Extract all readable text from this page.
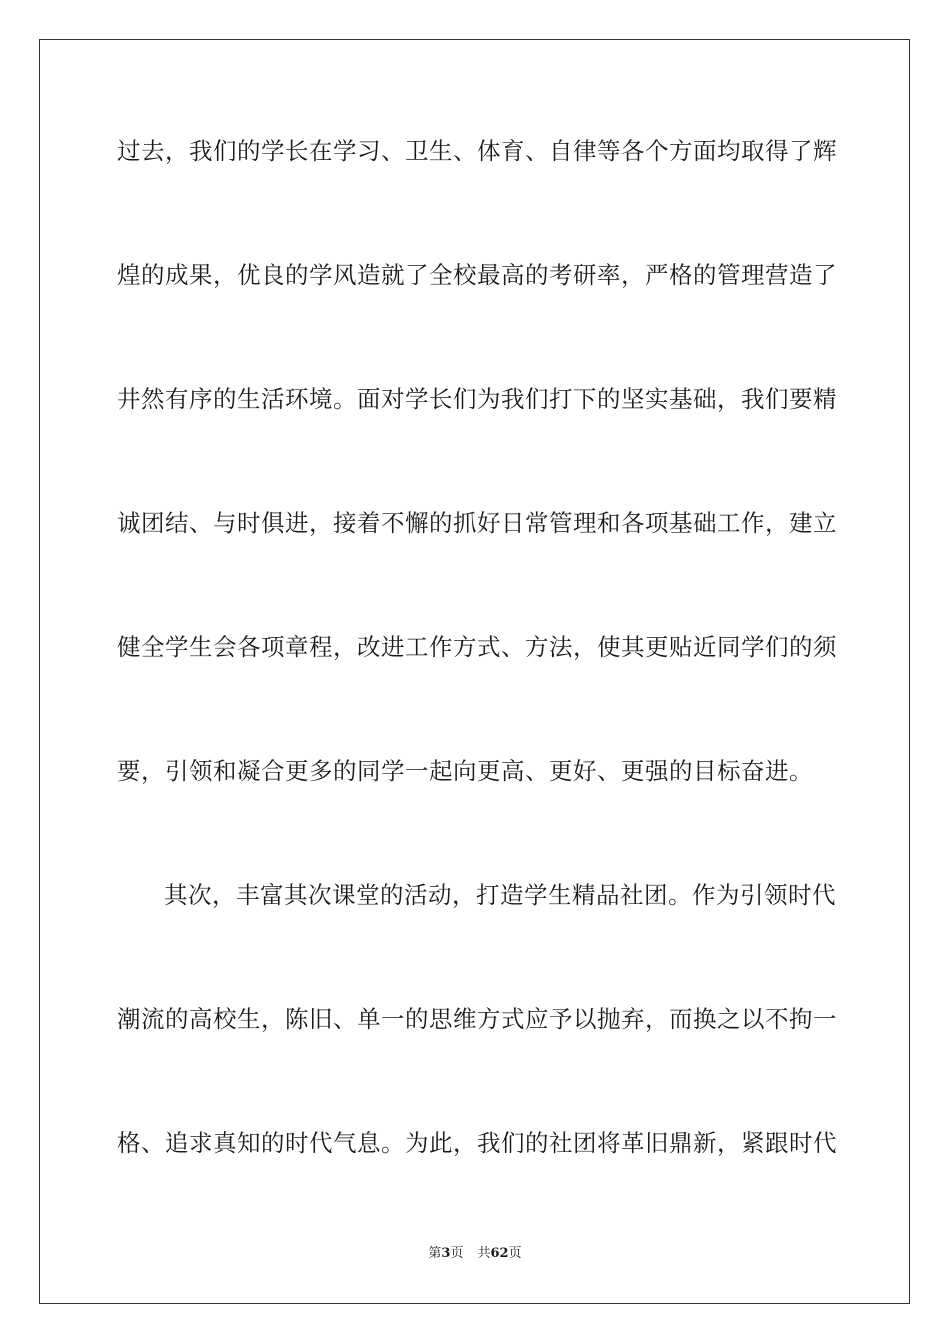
过去，我们的学长在学习、卫生、体育、自律等各个方面均取得了辉
煌的成果，优良的学风造就了全校最高的考研率，严格的管理营造了
井然有序的生活环境。面对学长们为我们打下的坚实基础，我们要精
诚团结、与时俱进，接着不懈的抓好日常管理和各项基础工作，建立
健全学生会各项章程，改进工作方式、方法，使其更贴近同学们的须
要，引领和凝合更多的同学一起向更高、更好、更强的目标奋进。
其次，丰富其次课堂的活动，打造学生精品社团。作为引领时代
潮流的高校生，陈旧、单一的思维方式应予以抛弃，而换之以不拘一
格、追求真知的时代气息。为此，我们的社团将革旧鼎新，紧跟时代
第3页 共62页
